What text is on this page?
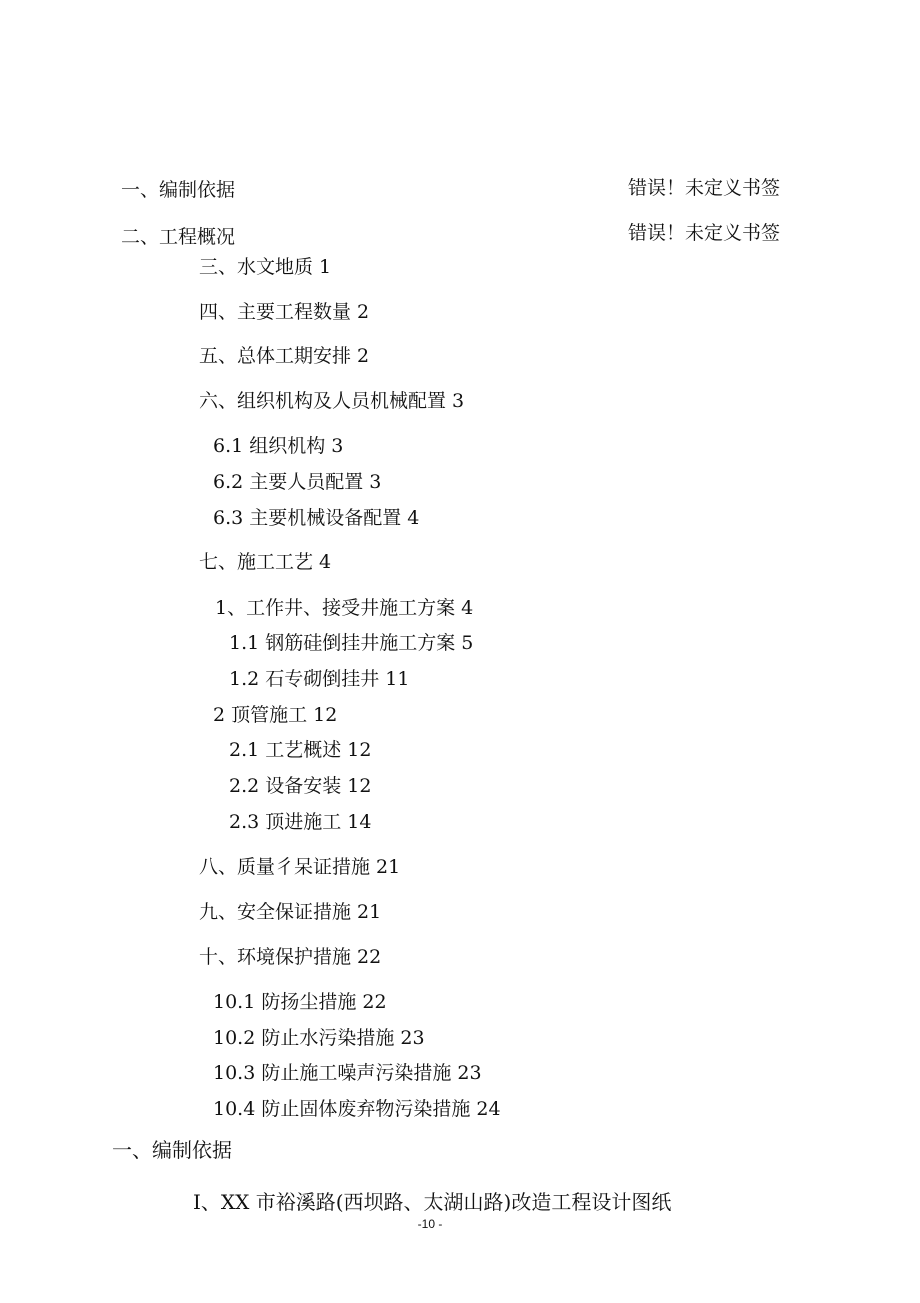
一、编制依据	错误！未定义书签
二、工程概况	错误！未定义书签
三、水文地质 1
四、主要工程数量 2
五、总体工期安排 2
六、组织机构及人员机械配置 3
6.1 组织机构 3
6.2 主要人员配置 3
6.3 主要机械设备配置 4
七、施工工艺 4
1、工作井、接受井施工方案 4
1.1 钢筋硅倒挂井施工方案 5
1.2 石专砌倒挂井 11
2 顶管施工 12
2.1 工艺概述 12
2.2 设备安装 12
2.3 顶进施工 14
八、质量彳呆证措施 21
九、安全保证措施 21
十、环境保护措施 22
10.1 防扬尘措施 22
10.2 防止水污染措施 23
10.3 防止施工噪声污染措施 23
10.4 防止固体废弃物污染措施 24
一、编制依据
I、XX 市裕溪路(西坝路、太湖山路)改造工程设计图纸
-10 -
